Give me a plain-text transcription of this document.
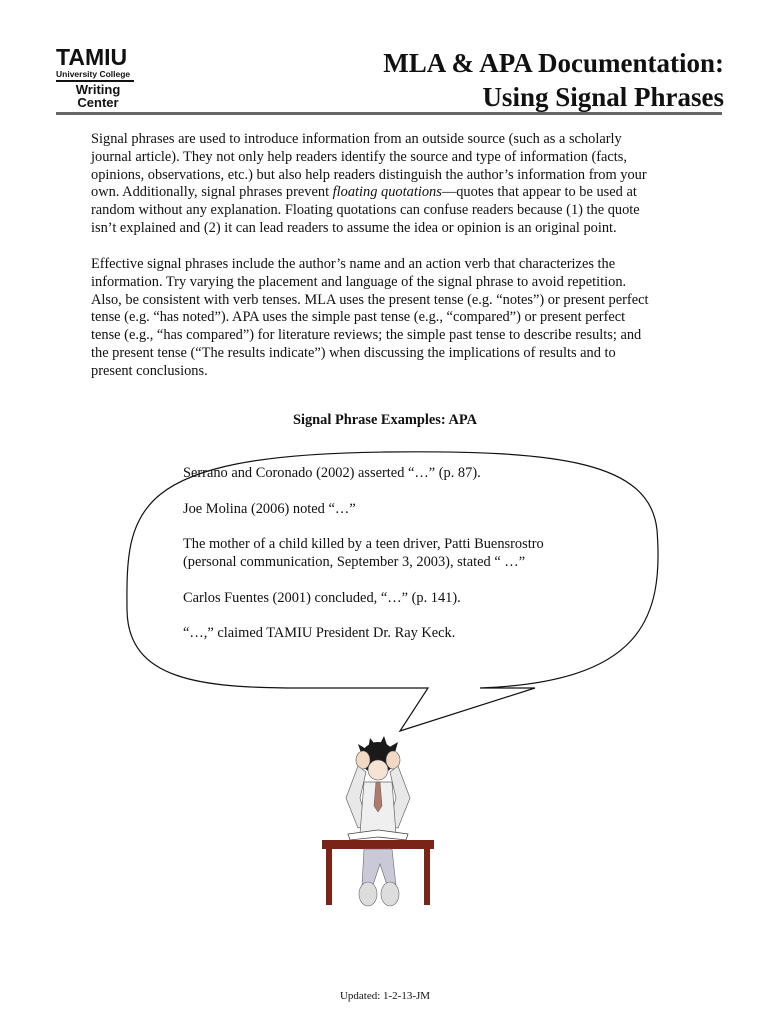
TAMIU
University College
Writing
Center
MLA & APA Documentation:
Using Signal Phrases
Signal phrases are used to introduce information from an outside source (such as a scholarly
journal article). They not only help readers identify the source and type of information (facts,
opinions, observations, etc.) but also help readers distinguish the author’s information from your
own. Additionally, signal phrases prevent floating quotations—quotes that appear to be used at
random without any explanation. Floating quotations can confuse readers because (1) the quote
isn’t explained and (2) it can lead readers to assume the idea or opinion is an original point.
Effective signal phrases include the author’s name and an action verb that characterizes the
information. Try varying the placement and language of the signal phrase to avoid repetition.
Also, be consistent with verb tenses. MLA uses the present tense (e.g. “notes”) or present perfect
tense (e.g. “has noted”). APA uses the simple past tense (e.g., “compared”) or present perfect
tense (e.g., “has compared”) for literature reviews; the simple past tense to describe results; and
the present tense (“The results indicate”) when discussing the implications of results and to
present conclusions.
Signal Phrase Examples: APA
Serrano and Coronado (2002) asserted “…” (p. 87).
Joe Molina (2006) noted “…”
The mother of a child killed by a teen driver, Patti Buensrostro
(personal communication, September 3, 2003), stated “ …”
Carlos Fuentes (2001) concluded, “…” (p. 141).
“…,” claimed TAMIU President Dr. Ray Keck.
Updated: 1-2-13-JM
